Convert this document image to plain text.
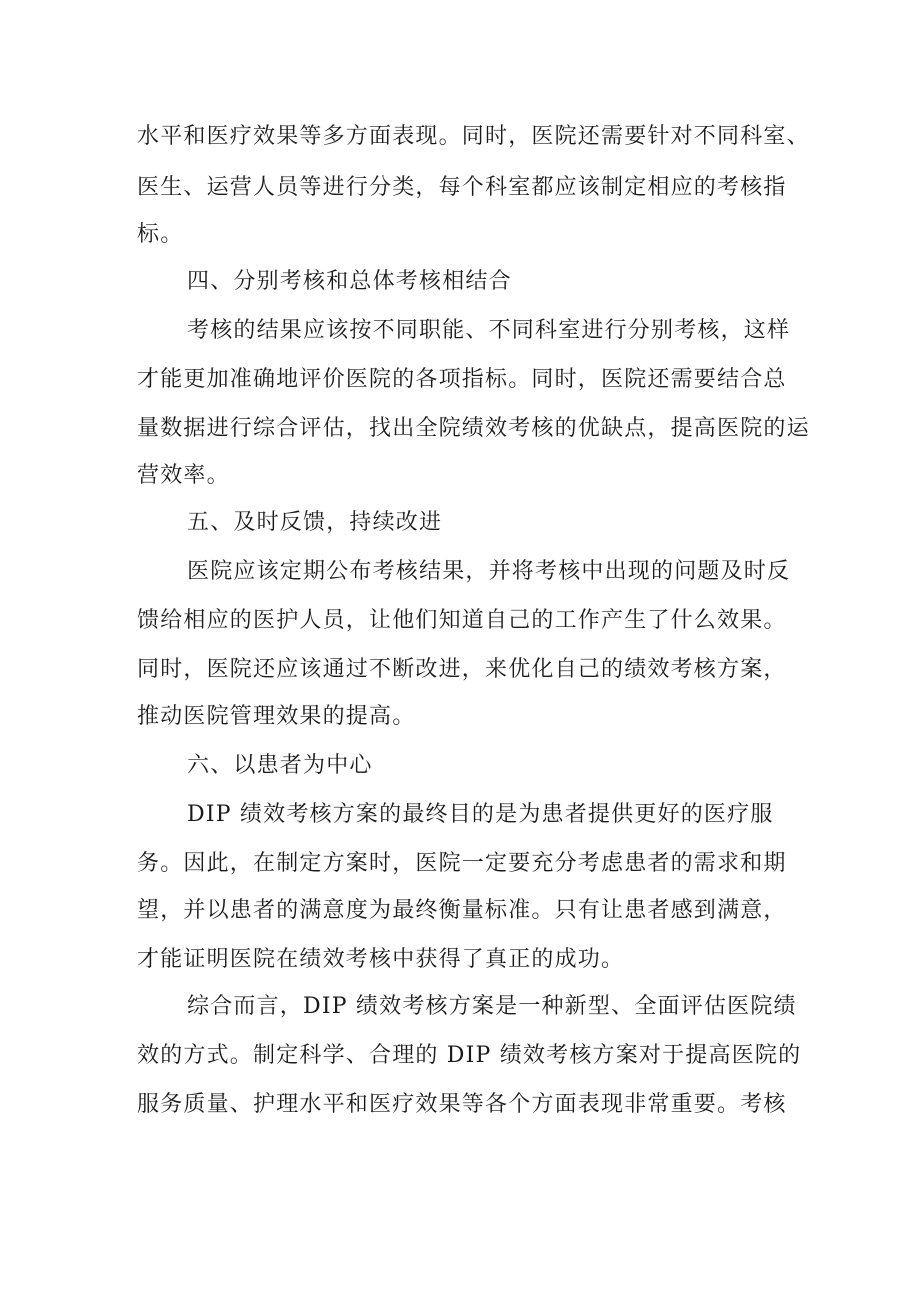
水平和医疗效果等多方面表现。同时，医院还需要针对不同科室、
医生、运营人员等进行分类，每个科室都应该制定相应的考核指
标。
四、分别考核和总体考核相结合
考核的结果应该按不同职能、不同科室进行分别考核，这样
才能更加准确地评价医院的各项指标。同时，医院还需要结合总
量数据进行综合评估，找出全院绩效考核的优缺点，提高医院的运
营效率。
五、及时反馈，持续改进
医院应该定期公布考核结果，并将考核中出现的问题及时反
馈给相应的医护人员，让他们知道自己的工作产生了什么效果。
同时，医院还应该通过不断改进，来优化自己的绩效考核方案，
推动医院管理效果的提高。
六、以患者为中心
DIP 绩效考核方案的最终目的是为患者提供更好的医疗服
务。因此，在制定方案时，医院一定要充分考虑患者的需求和期
望，并以患者的满意度为最终衡量标准。只有让患者感到满意，
才能证明医院在绩效考核中获得了真正的成功。
综合而言，DIP 绩效考核方案是一种新型、全面评估医院绩
效的方式。制定科学、合理的 DIP 绩效考核方案对于提高医院的
服务质量、护理水平和医疗效果等各个方面表现非常重要。考核
